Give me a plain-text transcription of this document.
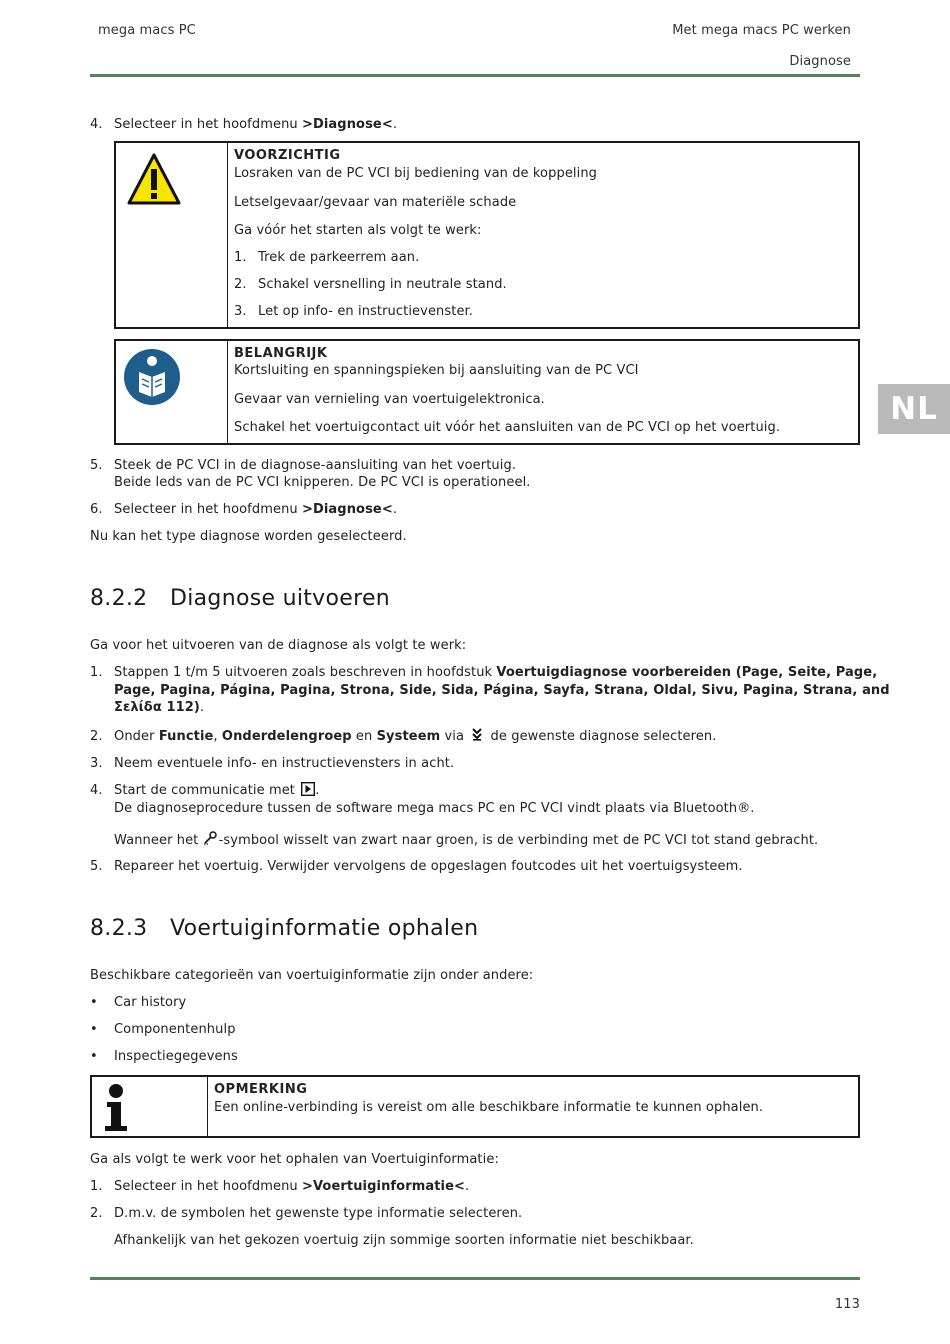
mega macs PC	Met mega macs PC werken
Diagnose
NL
4. Selecteer in het hoofdmenu >Diagnose<.
VOORZICHTIG
Losraken van de PC VCI bij bediening van de koppeling
Letselgevaar/gevaar van materiële schade
Ga vóór het starten als volgt te werk:
1. Trek de parkeerrem aan.
2. Schakel versnelling in neutrale stand.
3. Let op info- en instructievenster.
BELANGRIJK
Kortsluiting en spanningspieken bij aansluiting van de PC VCI
Gevaar van vernieling van voertuigelektronica.
Schakel het voertuigcontact uit vóór het aansluiten van de PC VCI op het voertuig.
5. Steek de PC VCI in de diagnose-aansluiting van het voertuig.
Beide leds van de PC VCI knipperen. De PC VCI is operationeel.
6. Selecteer in het hoofdmenu >Diagnose<.
Nu kan het type diagnose worden geselecteerd.
8.2.2 Diagnose uitvoeren
Ga voor het uitvoeren van de diagnose als volgt te werk:
1. Stappen 1 t/m 5 uitvoeren zoals beschreven in hoofdstuk Voertuigdiagnose voorbereiden (Page, Seite, Page,
Page, Pagina, Página, Pagina, Strona, Side, Sida, Página, Sayfa, Strana, Oldal, Sivu, Pagina, Strana, and
Σελίδα 112).
2. Onder Functie, Onderdelengroep en Systeem via  de gewenste diagnose selecteren.
3. Neem eventuele info- en instructievensters in acht.
4. Start de communicatie met .
De diagnoseprocedure tussen de software mega macs PC en PC VCI vindt plaats via Bluetooth®.
Wanneer het -symbool wisselt van zwart naar groen, is de verbinding met de PC VCI tot stand gebracht.
5. Repareer het voertuig. Verwijder vervolgens de opgeslagen foutcodes uit het voertuigsysteem.
8.2.3 Voertuiginformatie ophalen
Beschikbare categorieën van voertuiginformatie zijn onder andere:
• Car history
• Componentenhulp
• Inspectiegegevens
OPMERKING
Een online-verbinding is vereist om alle beschikbare informatie te kunnen ophalen.
Ga als volgt te werk voor het ophalen van Voertuiginformatie:
1. Selecteer in het hoofdmenu >Voertuiginformatie<.
2. D.m.v. de symbolen het gewenste type informatie selecteren.
Afhankelijk van het gekozen voertuig zijn sommige soorten informatie niet beschikbaar.
113
